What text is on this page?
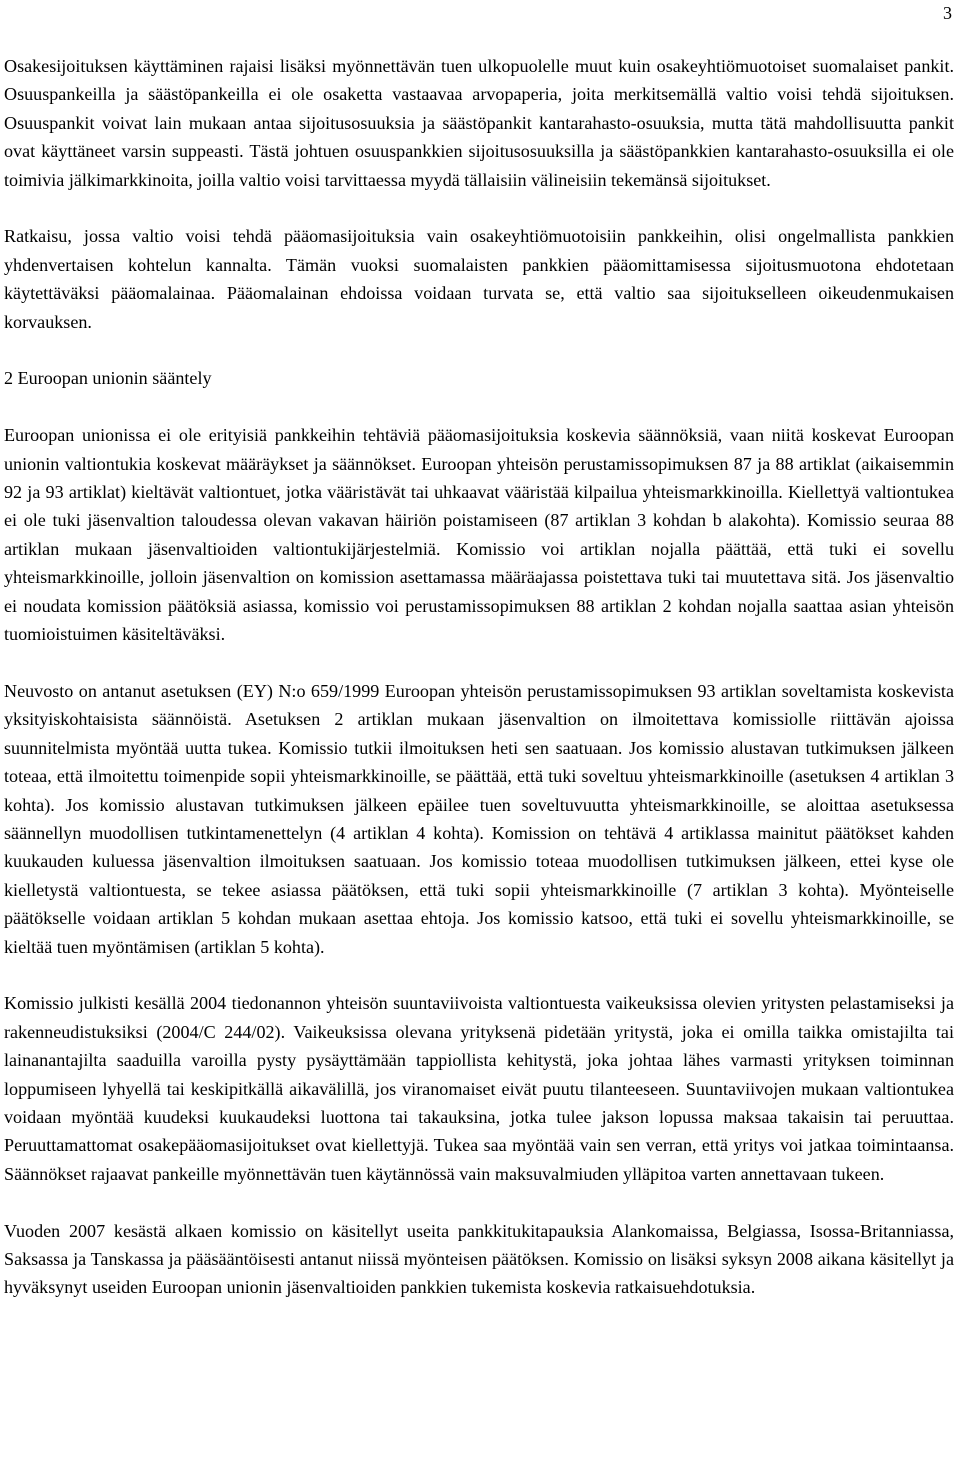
3

Osakesijoituksen käyttäminen rajaisi lisäksi myönnettävän tuen ulkopuolelle muut kuin osakeyhtiömuotoiset suomalaiset pankit. Osuuspankeilla ja säästöpankeilla ei ole osaketta vastaavaa arvopaperia, joita merkitsemällä valtio voisi tehdä sijoituksen. Osuuspankit voivat lain mukaan antaa sijoitusosuuksia ja säästöpankit kantarahasto-osuuksia, mutta tätä mahdollisuutta pankit ovat käyttäneet varsin suppeasti. Tästä johtuen osuuspankkien sijoitusosuuksilla ja säästöpankkien kantarahasto-osuuksilla ei ole toimivia jälkimarkkinoita, joilla valtio voisi tarvittaessa myydä tällaisiin välineisiin tekemänsä sijoitukset.

Ratkaisu, jossa valtio voisi tehdä pääomasijoituksia vain osakeyhtiömuotoisiin pankkeihin, olisi ongelmallista pankkien yhdenvertaisen kohtelun kannalta. Tämän vuoksi suomalaisten pankkien pääomittamisessa sijoitusmuotona ehdotetaan käytettäväksi pääomalainaa. Pääomalainan ehdoissa voidaan turvata se, että valtio saa sijoitukselleen oikeudenmukaisen korvauksen.

2 Euroopan unionin sääntely

Euroopan unionissa ei ole erityisiä pankkeihin tehtäviä pääomasijoituksia koskevia säännöksiä, vaan niitä koskevat Euroopan unionin valtiontukia koskevat määräykset ja säännökset. Euroopan yhteisön perustamissopimuksen 87 ja 88 artiklat (aikaisemmin 92 ja 93 artiklat) kieltävät valtiontuet, jotka vääristävät tai uhkaavat vääristää kilpailua yhteismarkkinoilla. Kiellettyä valtiontukea ei ole tuki jäsenvaltion taloudessa olevan vakavan häiriön poistamiseen (87 artiklan 3 kohdan b alakohta). Komissio seuraa 88 artiklan mukaan jäsenvaltioiden valtiontukijärjestelmiä. Komissio voi artiklan nojalla päättää, että tuki ei sovellu yhteismarkkinoille, jolloin jäsenvaltion on komission asettamassa määräajassa poistettava tuki tai muutettava sitä. Jos jäsenvaltio ei noudata komission päätöksiä asiassa, komissio voi perustamissopimuksen 88 artiklan 2 kohdan nojalla saattaa asian yhteisön tuomioistuimen käsiteltäväksi.

Neuvosto on antanut asetuksen (EY) N:o 659/1999 Euroopan yhteisön perustamissopimuksen 93 artiklan soveltamista koskevista yksityiskohtaisista säännöistä. Asetuksen 2 artiklan mukaan jäsenvaltion on ilmoitettava komissiolle riittävän ajoissa suunnitelmista myöntää uutta tukea. Komissio tutkii ilmoituksen heti sen saatuaan. Jos komissio alustavan tutkimuksen jälkeen toteaa, että ilmoitettu toimenpide sopii yhteismarkkinoille, se päättää, että tuki soveltuu yhteismarkkinoille (asetuksen 4 artiklan 3 kohta). Jos komissio alustavan tutkimuksen jälkeen epäilee tuen soveltuvuutta yhteismarkkinoille, se aloittaa asetuksessa säännellyn muodollisen tutkintamenettelyn (4 artiklan 4 kohta). Komission on tehtävä 4 artiklassa mainitut päätökset kahden kuukauden kuluessa jäsenvaltion ilmoituksen saatuaan. Jos komissio toteaa muodollisen tutkimuksen jälkeen, ettei kyse ole kielletystä valtiontuesta, se tekee asiassa päätöksen, että tuki sopii yhteismarkkinoille (7 artiklan 3 kohta). Myönteiselle päätökselle voidaan artiklan 5 kohdan mukaan asettaa ehtoja. Jos komissio katsoo, että tuki ei sovellu yhteismarkkinoille, se kieltää tuen myöntämisen (artiklan 5 kohta).

Komissio julkisti kesällä 2004 tiedonannon yhteisön suuntaviivoista valtiontuesta vaikeuksissa olevien yritysten pelastamiseksi ja rakenneudistuksiksi (2004/C 244/02). Vaikeuksissa olevana yrityksenä pidetään yritystä, joka ei omilla taikka omistajilta tai lainanantajilta saaduilla varoilla pysty pysäyttämään tappiollista kehitystä, joka johtaa lähes varmasti yrityksen toiminnan loppumiseen lyhyellä tai keskipitkällä aikavälillä, jos viranomaiset eivät puutu tilanteeseen. Suuntaviivojen mukaan valtiontukea voidaan myöntää kuudeksi kuukaudeksi luottona tai takauksina, jotka tulee jakson lopussa maksaa takaisin tai peruuttaa. Peruuttamattomat osakepääomasijoitukset ovat kiellettyjä. Tukea saa myöntää vain sen verran, että yritys voi jatkaa toimintaansa. Säännökset rajaavat pankeille myönnettävän tuen käytännössä vain maksuvalmiuden ylläpitoa varten annettavaan tukeen.

Vuoden 2007 kesästä alkaen komissio on käsitellyt useita pankkitukitapauksia Alankomaissa, Belgiassa, Isossa-Britanniassa, Saksassa ja Tanskassa ja pääsääntöisesti antanut niissä myönteisen päätöksen. Komissio on lisäksi syksyn 2008 aikana käsitellyt ja hyväksynyt useiden Euroopan unionin jäsenvaltioiden pankkien tukemista koskevia ratkaisuehdotuksia.
